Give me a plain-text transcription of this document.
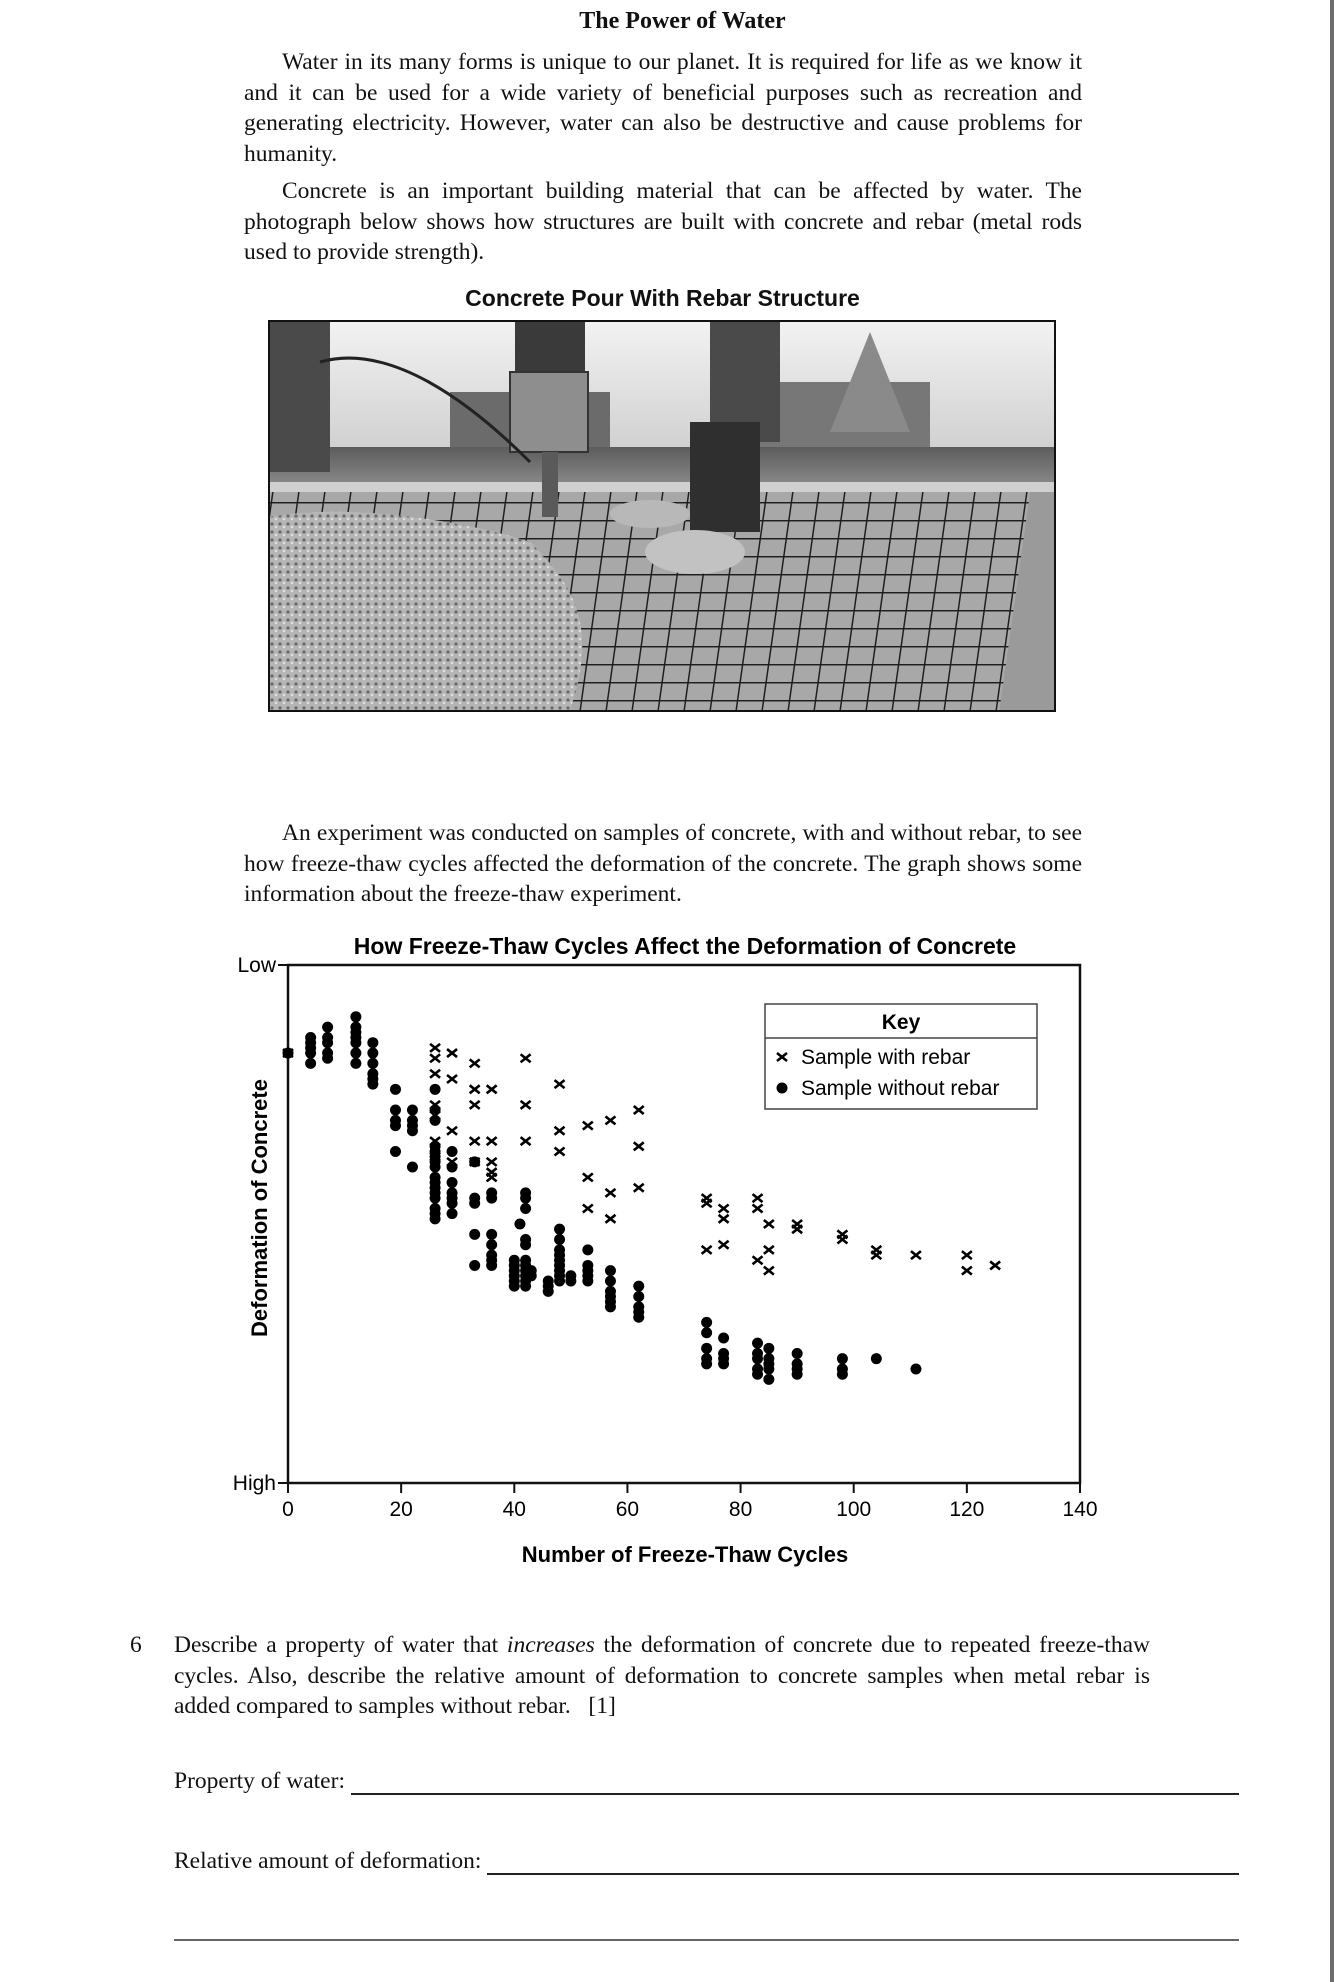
The Power of Water

Water in its many forms is unique to our planet. It is required for life as we know it and it can be used for a wide variety of beneficial purposes such as recreation and generating electricity. However, water can also be destructive and cause problems for humanity.

Concrete is an important building material that can be affected by water. The photograph below shows how structures are built with concrete and rebar (metal rods used to provide strength).

Concrete Pour With Rebar Structure

An experiment was conducted on samples of concrete, with and without rebar, to see how freeze-thaw cycles affected the deformation of the concrete. The graph shows some information about the freeze-thaw experiment.

How Freeze-Thaw Cycles Affect the Deformation of Concrete
0	20	40	60	80	100	120	140
Low
High
Key
Sample with rebar
Sample without rebar
Number of Freeze-Thaw Cycles
Deformation of Concrete
6 Describe a property of water that increases the deformation of concrete due to repeated freeze-thaw cycles. Also, describe the relative amount of deformation to concrete samples when metal rebar is added compared to samples without rebar. [1]

Property of water:
Relative amount of deformation:
